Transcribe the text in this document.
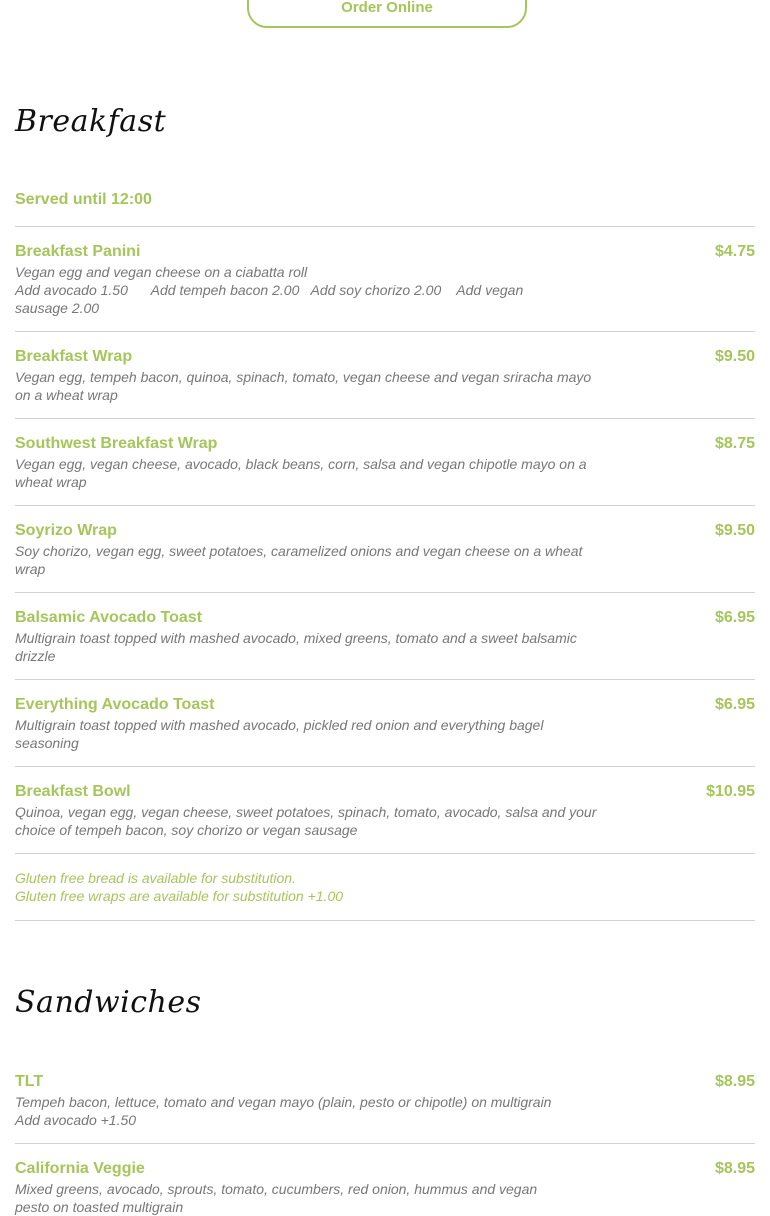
Order Online
Breakfast
Served until 12:00
Breakfast Panini	$4.75
Vegan egg and vegan cheese on a ciabatta roll
Add avocado 1.50      Add tempeh bacon 2.00   Add soy chorizo 2.00    Add vegan sausage 2.00
Breakfast Wrap	$9.50
Vegan egg, tempeh bacon, quinoa, spinach, tomato, vegan cheese and vegan sriracha mayo on a wheat wrap
Southwest Breakfast Wrap	$8.75
Vegan egg, vegan cheese, avocado, black beans, corn, salsa and vegan chipotle mayo on a wheat wrap
Soyrizo Wrap	$9.50
Soy chorizo, vegan egg, sweet potatoes, caramelized onions and vegan cheese on a wheat wrap
Balsamic Avocado Toast	$6.95
Multigrain toast topped with mashed avocado, mixed greens, tomato and a sweet balsamic drizzle
Everything Avocado Toast	$6.95
Multigrain toast topped with mashed avocado, pickled red onion and everything bagel seasoning
Breakfast Bowl	$10.95
Quinoa, vegan egg, vegan cheese, sweet potatoes, spinach, tomato, avocado, salsa and your choice of tempeh bacon, soy chorizo or vegan sausage
Gluten free bread is available for substitution.
Gluten free wraps are available for substitution +1.00
Sandwiches
TLT	$8.95
Tempeh bacon, lettuce, tomato and vegan mayo (plain, pesto or chipotle) on multigrain
Add avocado +1.50
California Veggie	$8.95
Mixed greens, avocado, sprouts, tomato, cucumbers, red onion, hummus and vegan pesto on toasted multigrain
